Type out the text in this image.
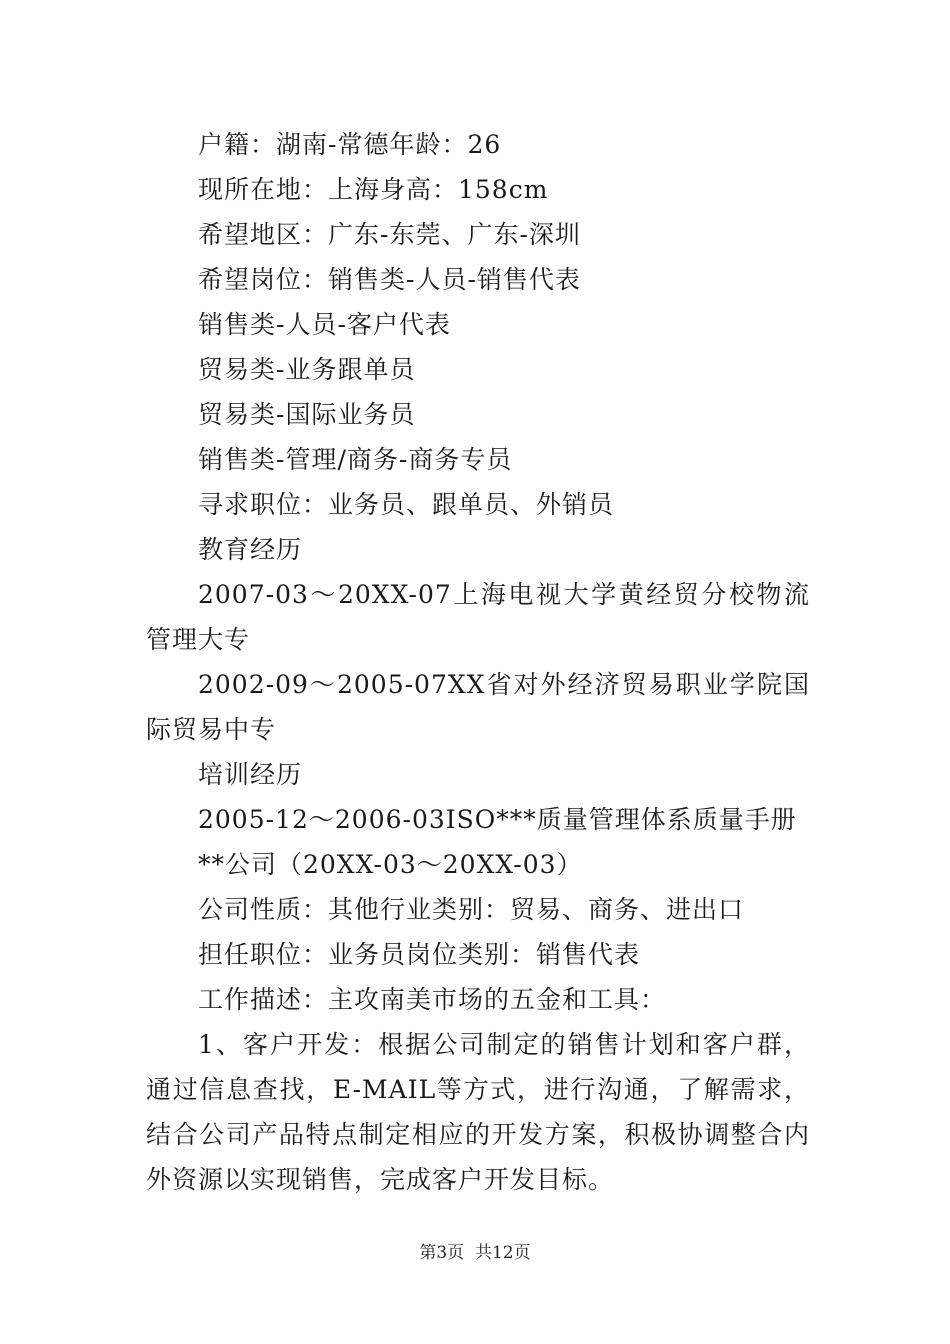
户籍：湖南-常德年龄：26
现所在地：上海身高：158cm
希望地区：广东-东莞、广东-深圳
希望岗位：销售类-人员-销售代表
销售类-人员-客户代表
贸易类-业务跟单员
贸易类-国际业务员
销售类-管理/商务-商务专员
寻求职位：业务员、跟单员、外销员
教育经历
2007-03～20XX-07上海电视大学黄经贸分校物流管理大专
2002-09～2005-07XX省对外经济贸易职业学院国际贸易中专
培训经历
2005-12～2006-03ISO***质量管理体系质量手册
**公司（20XX-03～20XX-03）
公司性质：其他行业类别：贸易、商务、进出口
担任职位：业务员岗位类别：销售代表
工作描述：主攻南美市场的五金和工具：
1、客户开发：根据公司制定的销售计划和客户群，通过信息查找，E-MAIL等方式，进行沟通，了解需求，结合公司产品特点制定相应的开发方案，积极协调整合内外资源以实现销售，完成客户开发目标。
第3页  共12页
